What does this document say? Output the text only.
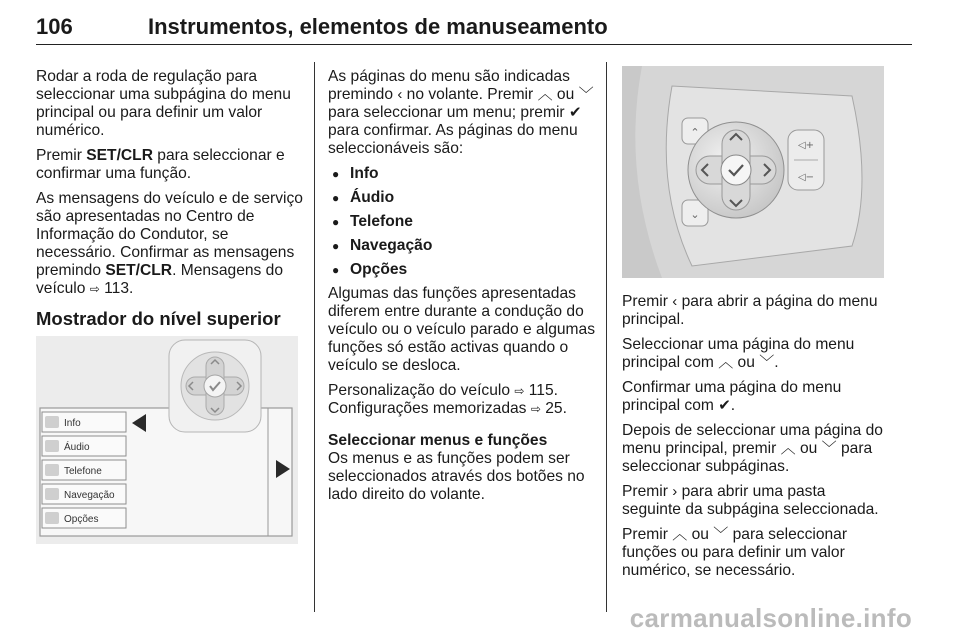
106	Instrumentos, elementos de manuseamento

Rodar a roda de regulação para seleccionar uma subpágina do menu principal ou para definir um valor numérico.

Premir SET/CLR para seleccionar e confirmar uma função.

As mensagens do veículo e de serviço são apresentadas no Centro de Informação do Condutor, se necessário. Confirmar as mensagens premindo SET/CLR. Mensagens do veículo ⇨ 113.

Mostrador do nível superior
Info
Áudio
Telefone
Navegação
Opções

As páginas do menu são indicadas premindo ‹ no volante. Premir ︿ ou ﹀ para seleccionar um menu; premir ✔ para confirmar. As páginas do menu seleccionáveis são:

● Info
● Áudio
● Telefone
● Navegação
● Opções

Algumas das funções apresentadas diferem entre durante a condução do veículo ou o veículo parado e algumas funções só estão activas quando o veículo se desloca.

Personalização do veículo ⇨ 115.
Configurações memorizadas ⇨ 25.

Seleccionar menus e funções

Os menus e as funções podem ser seleccionados através dos botões no lado direito do volante.

⌃
⌄
◁+
◁−

Premir ‹ para abrir a página do menu principal.

Seleccionar uma página do menu principal com ︿ ou ﹀.

Confirmar uma página do menu principal com ✔.

Depois de seleccionar uma página do menu principal, premir ︿ ou ﹀ para seleccionar subpáginas.

Premir › para abrir uma pasta seguinte da subpágina seleccionada.

Premir ︿ ou ﹀ para seleccionar funções ou para definir um valor numérico, se necessário.

carmanualsonline.info
